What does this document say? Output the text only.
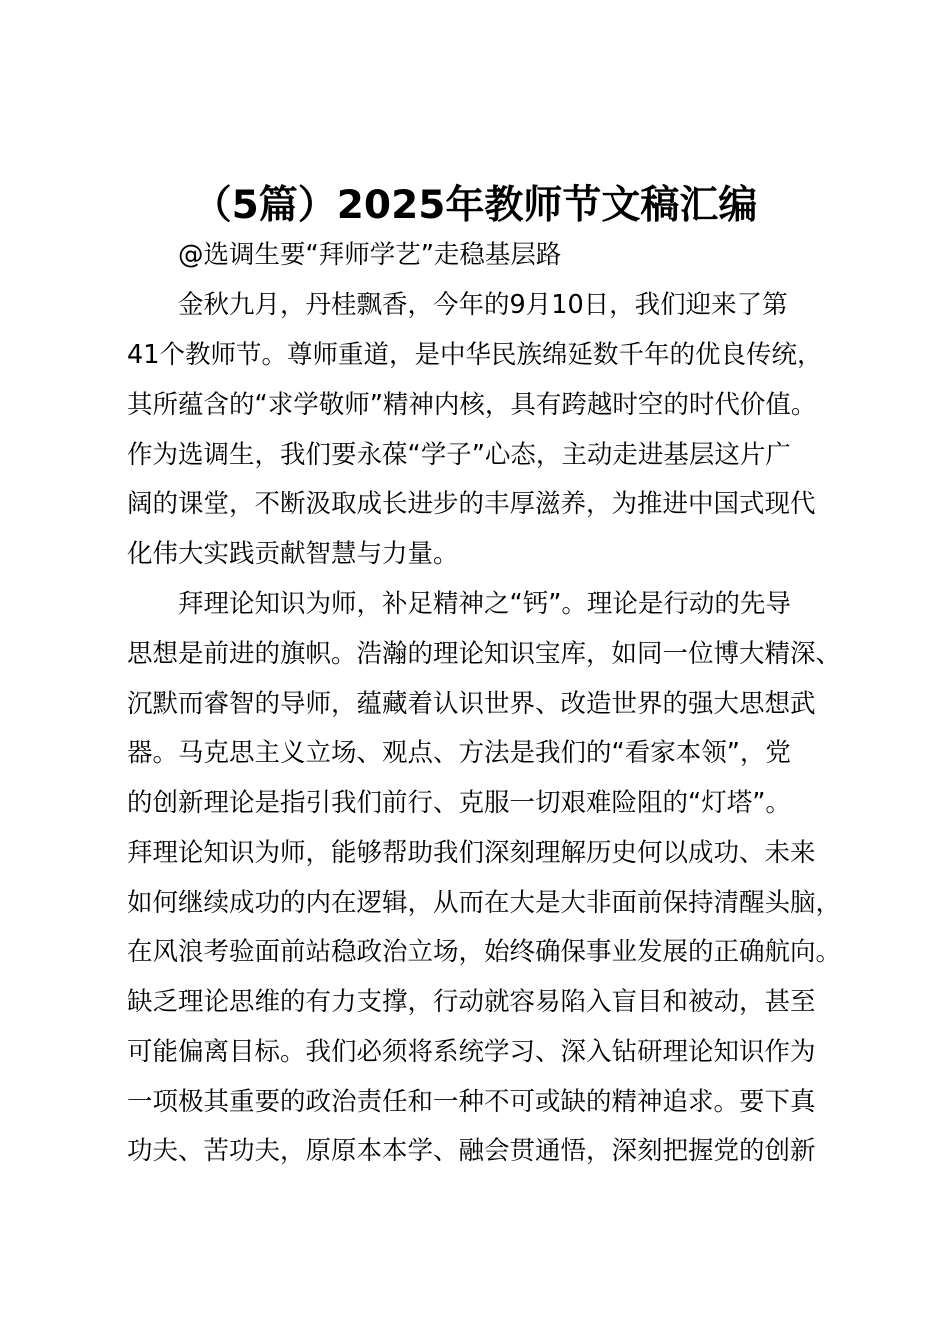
（5篇）2025年教师节文稿汇编
@选调生要“拜师学艺”走稳基层路
金秋九月，丹桂飘香，今年的9月10日，我们迎来了第
41个教师节。尊师重道，是中华民族绵延数千年的优良传统，
其所蕴含的“求学敬师”精神内核，具有跨越时空的时代价值。
作为选调生，我们要永葆“学子”心态，主动走进基层这片广
阔的课堂，不断汲取成长进步的丰厚滋养，为推进中国式现代
化伟大实践贡献智慧与力量。
拜理论知识为师，补足精神之“钙”。理论是行动的先导
思想是前进的旗帜。浩瀚的理论知识宝库，如同一位博大精深、
沉默而睿智的导师，蕴藏着认识世界、改造世界的强大思想武
器。马克思主义立场、观点、方法是我们的“看家本领”，党
的创新理论是指引我们前行、克服一切艰难险阻的“灯塔”。
拜理论知识为师，能够帮助我们深刻理解历史何以成功、未来
如何继续成功的内在逻辑，从而在大是大非面前保持清醒头脑，
在风浪考验面前站稳政治立场，始终确保事业发展的正确航向。
缺乏理论思维的有力支撑，行动就容易陷入盲目和被动，甚至
可能偏离目标。我们必须将系统学习、深入钻研理论知识作为
一项极其重要的政治责任和一种不可或缺的精神追求。要下真
功夫、苦功夫，原原本本学、融会贯通悟，深刻把握党的创新
